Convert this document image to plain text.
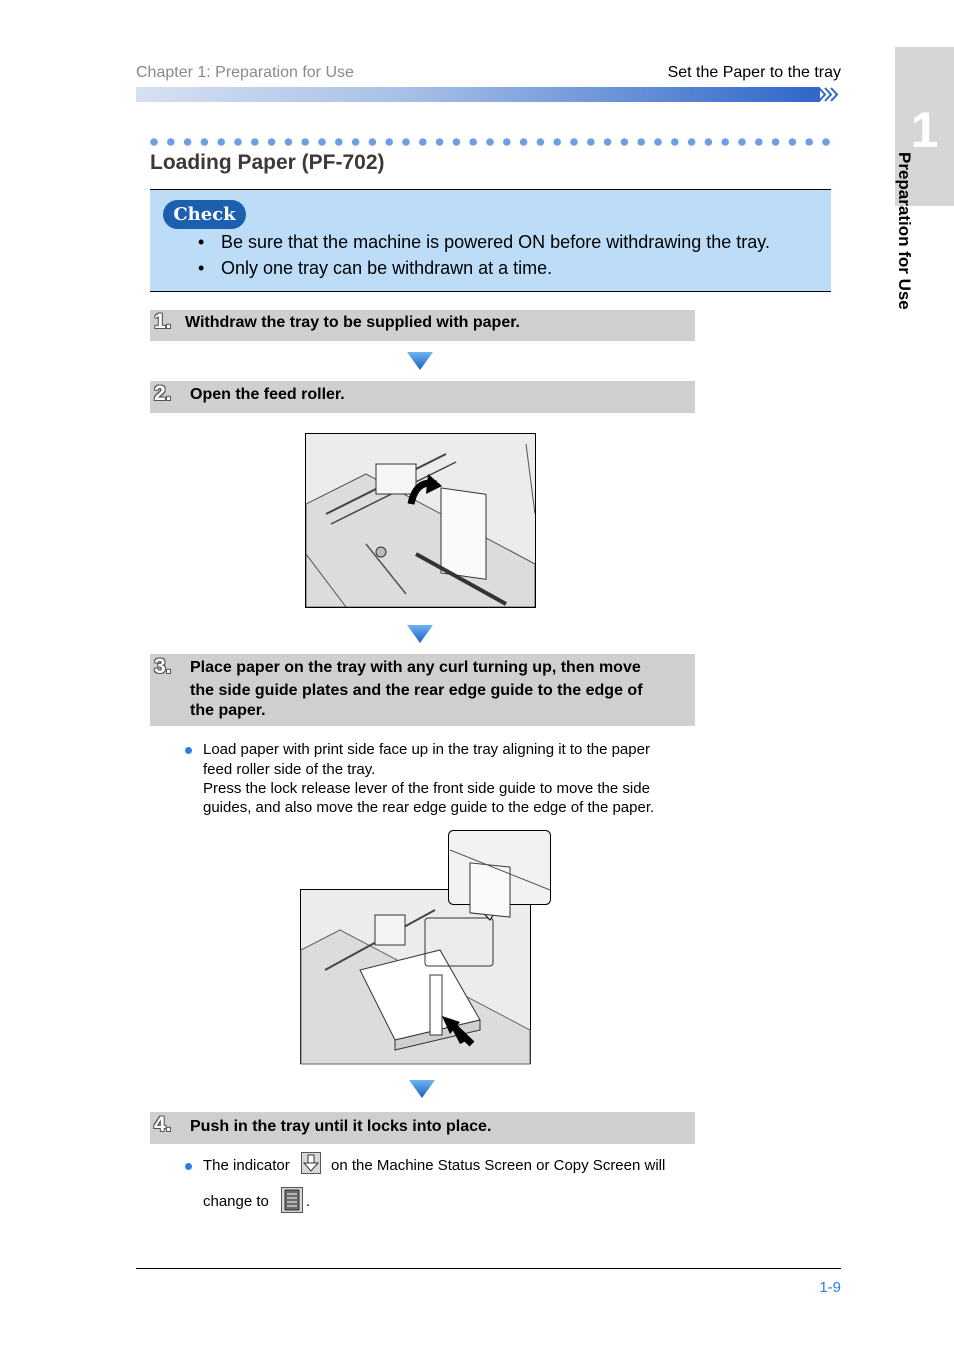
Chapter 1: Preparation for Use	Set the Paper to the tray
1
Preparation for Use
Loading Paper (PF-702)
Check
• Be sure that the machine is powered ON before withdrawing the tray.
• Only one tray can be withdrawn at a time.
1. Withdraw the tray to be supplied with paper.
2. Open the feed roller.
3. Place paper on the tray with any curl turning up, then move
the side guide plates and the rear edge guide to the edge of
the paper.
Load paper with print side face up in the tray aligning it to the paper
feed roller side of the tray.
Press the lock release lever of the front side guide to move the side
guides, and also move the rear edge guide to the edge of the paper.
4. Push in the tray until it locks into place.
The indicator	on the Machine Status Screen or Copy Screen will
change to .
1-9
